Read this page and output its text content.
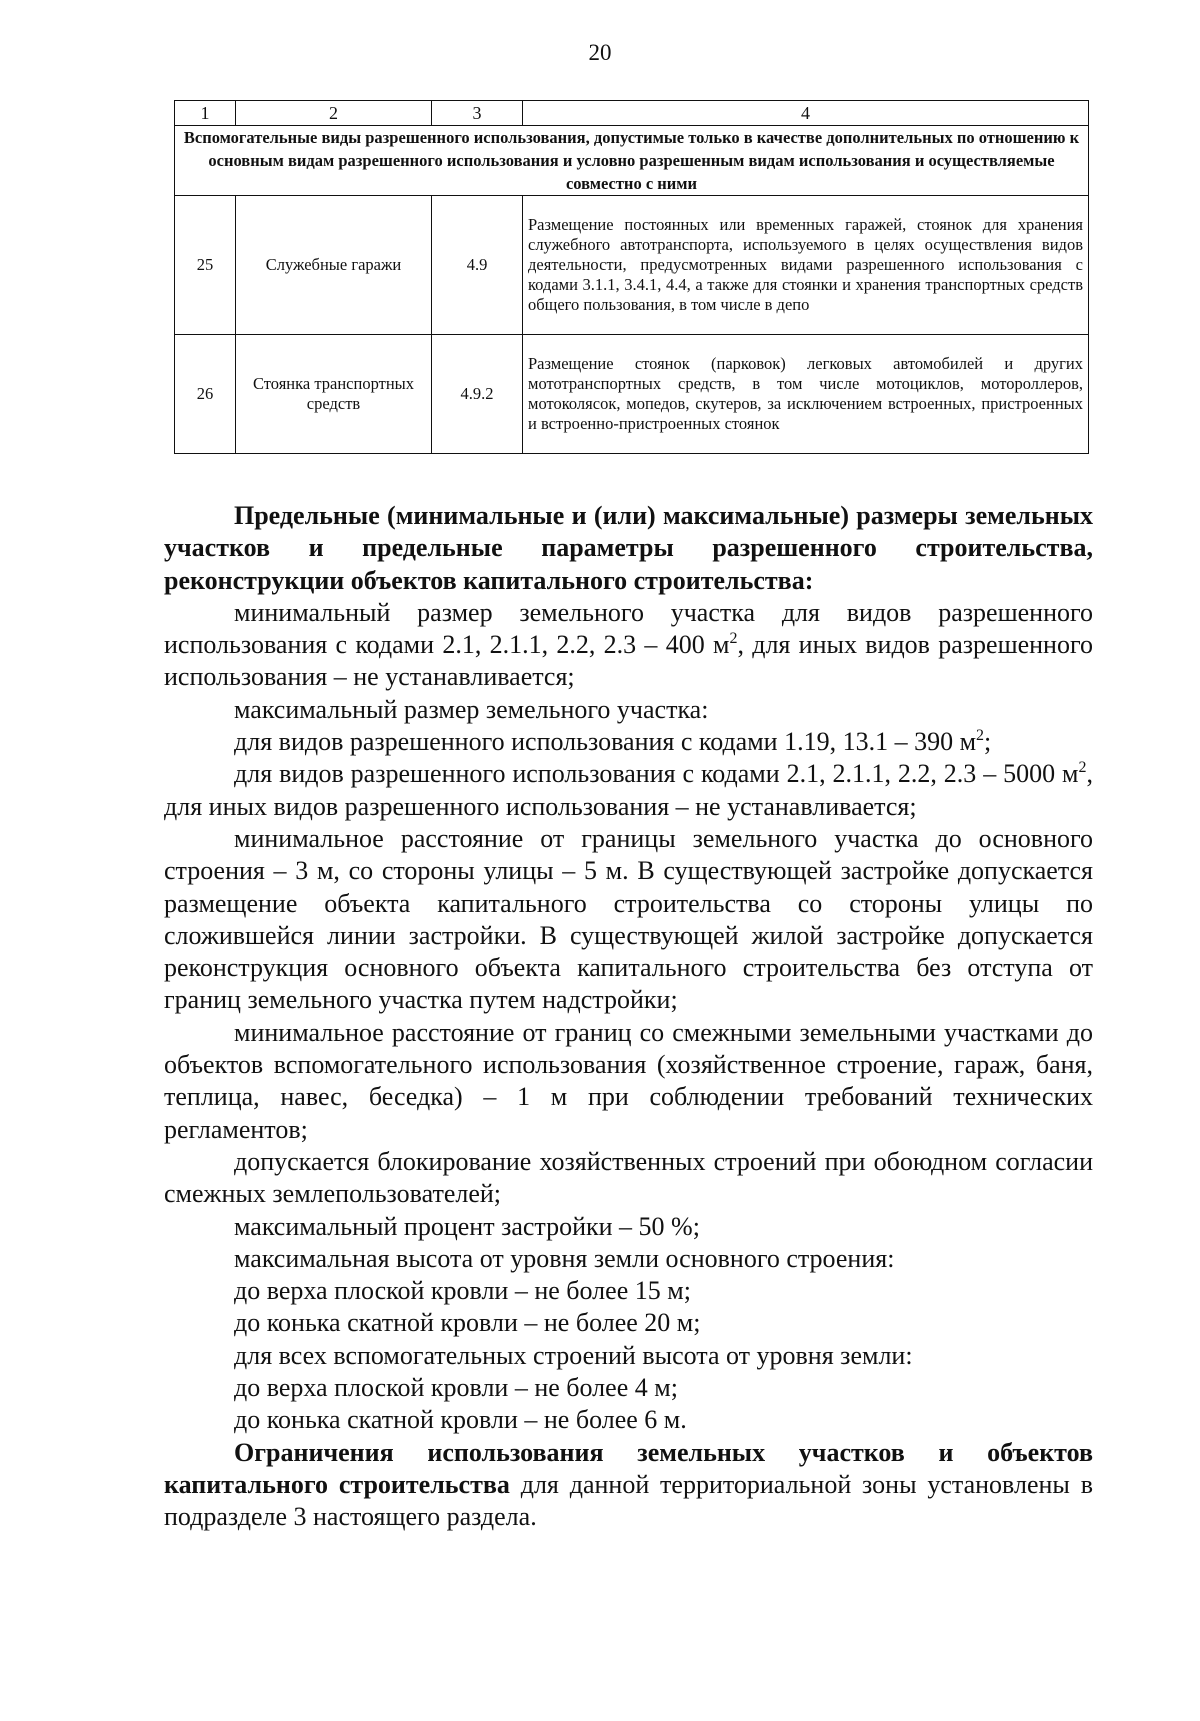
20
1	2	3	4
Вспомогательные виды разрешенного использования, допустимые только в качестве дополнительных по отношению к основным видам разрешенного использования и условно разрешенным видам использования и осуществляемые совместно с ними			
25	Служебные гаражи	4.9	Размещение постоянных или временных гаражей, стоянок для хранения служебного автотранспорта, используемого в целях осуществления видов деятельности, предусмотренных видами разрешенного использования с кодами 3.1.1, 3.4.1, 4.4, а также для стоянки и хранения транспортных средств общего пользования, в том числе в депо
26	Стоянка транспортных средств	4.9.2	Размещение стоянок (парковок) легковых автомобилей и других мототранспортных средств, в том числе мотоциклов, мотороллеров, мотоколясок, мопедов, скутеров, за исключением встроенных, пристроенных и встроенно-пристроенных стоянок

Предельные (минимальные и (или) максимальные) размеры земельных участков и предельные параметры разрешенного строительства, реконструкции объектов капитального строительства:

минимальный размер земельного участка для видов разрешенного использования с кодами 2.1, 2.1.1, 2.2, 2.3 – 400 $м^2$, для иных видов разрешенного использования – не устанавливается;

максимальный размер земельного участка:

для видов разрешенного использования с кодами 1.19, 13.1 – 390 $м^2$;

для видов разрешенного использования с кодами 2.1, 2.1.1, 2.2, 2.3 – 5000 $м^2$, для иных видов разрешенного использования – не устанавливается;

минимальное расстояние от границы земельного участка до основного строения – 3 м, со стороны улицы – 5 м. В существующей застройке допускается размещение объекта капитального строительства со стороны улицы по сложившейся линии застройки. В существующей жилой застройке допускается реконструкция основного объекта капитального строительства без отступа от границ земельного участка путем надстройки;

минимальное расстояние от границ со смежными земельными участками до объектов вспомогательного использования (хозяйственное строение, гараж, баня, теплица, навес, беседка) – 1 м при соблюдении требований технических регламентов;

допускается блокирование хозяйственных строений при обоюдном согласии смежных землепользователей;

максимальный процент застройки – 50 %;

максимальная высота от уровня земли основного строения:

до верха плоской кровли – не более 15 м;

до конька скатной кровли – не более 20 м;

для всех вспомогательных строений высота от уровня земли:

до верха плоской кровли – не более 4 м;

до конька скатной кровли – не более 6 м.

Ограничения использования земельных участков и объектов капитального строительства для данной территориальной зоны установлены в подразделе 3 настоящего раздела.
